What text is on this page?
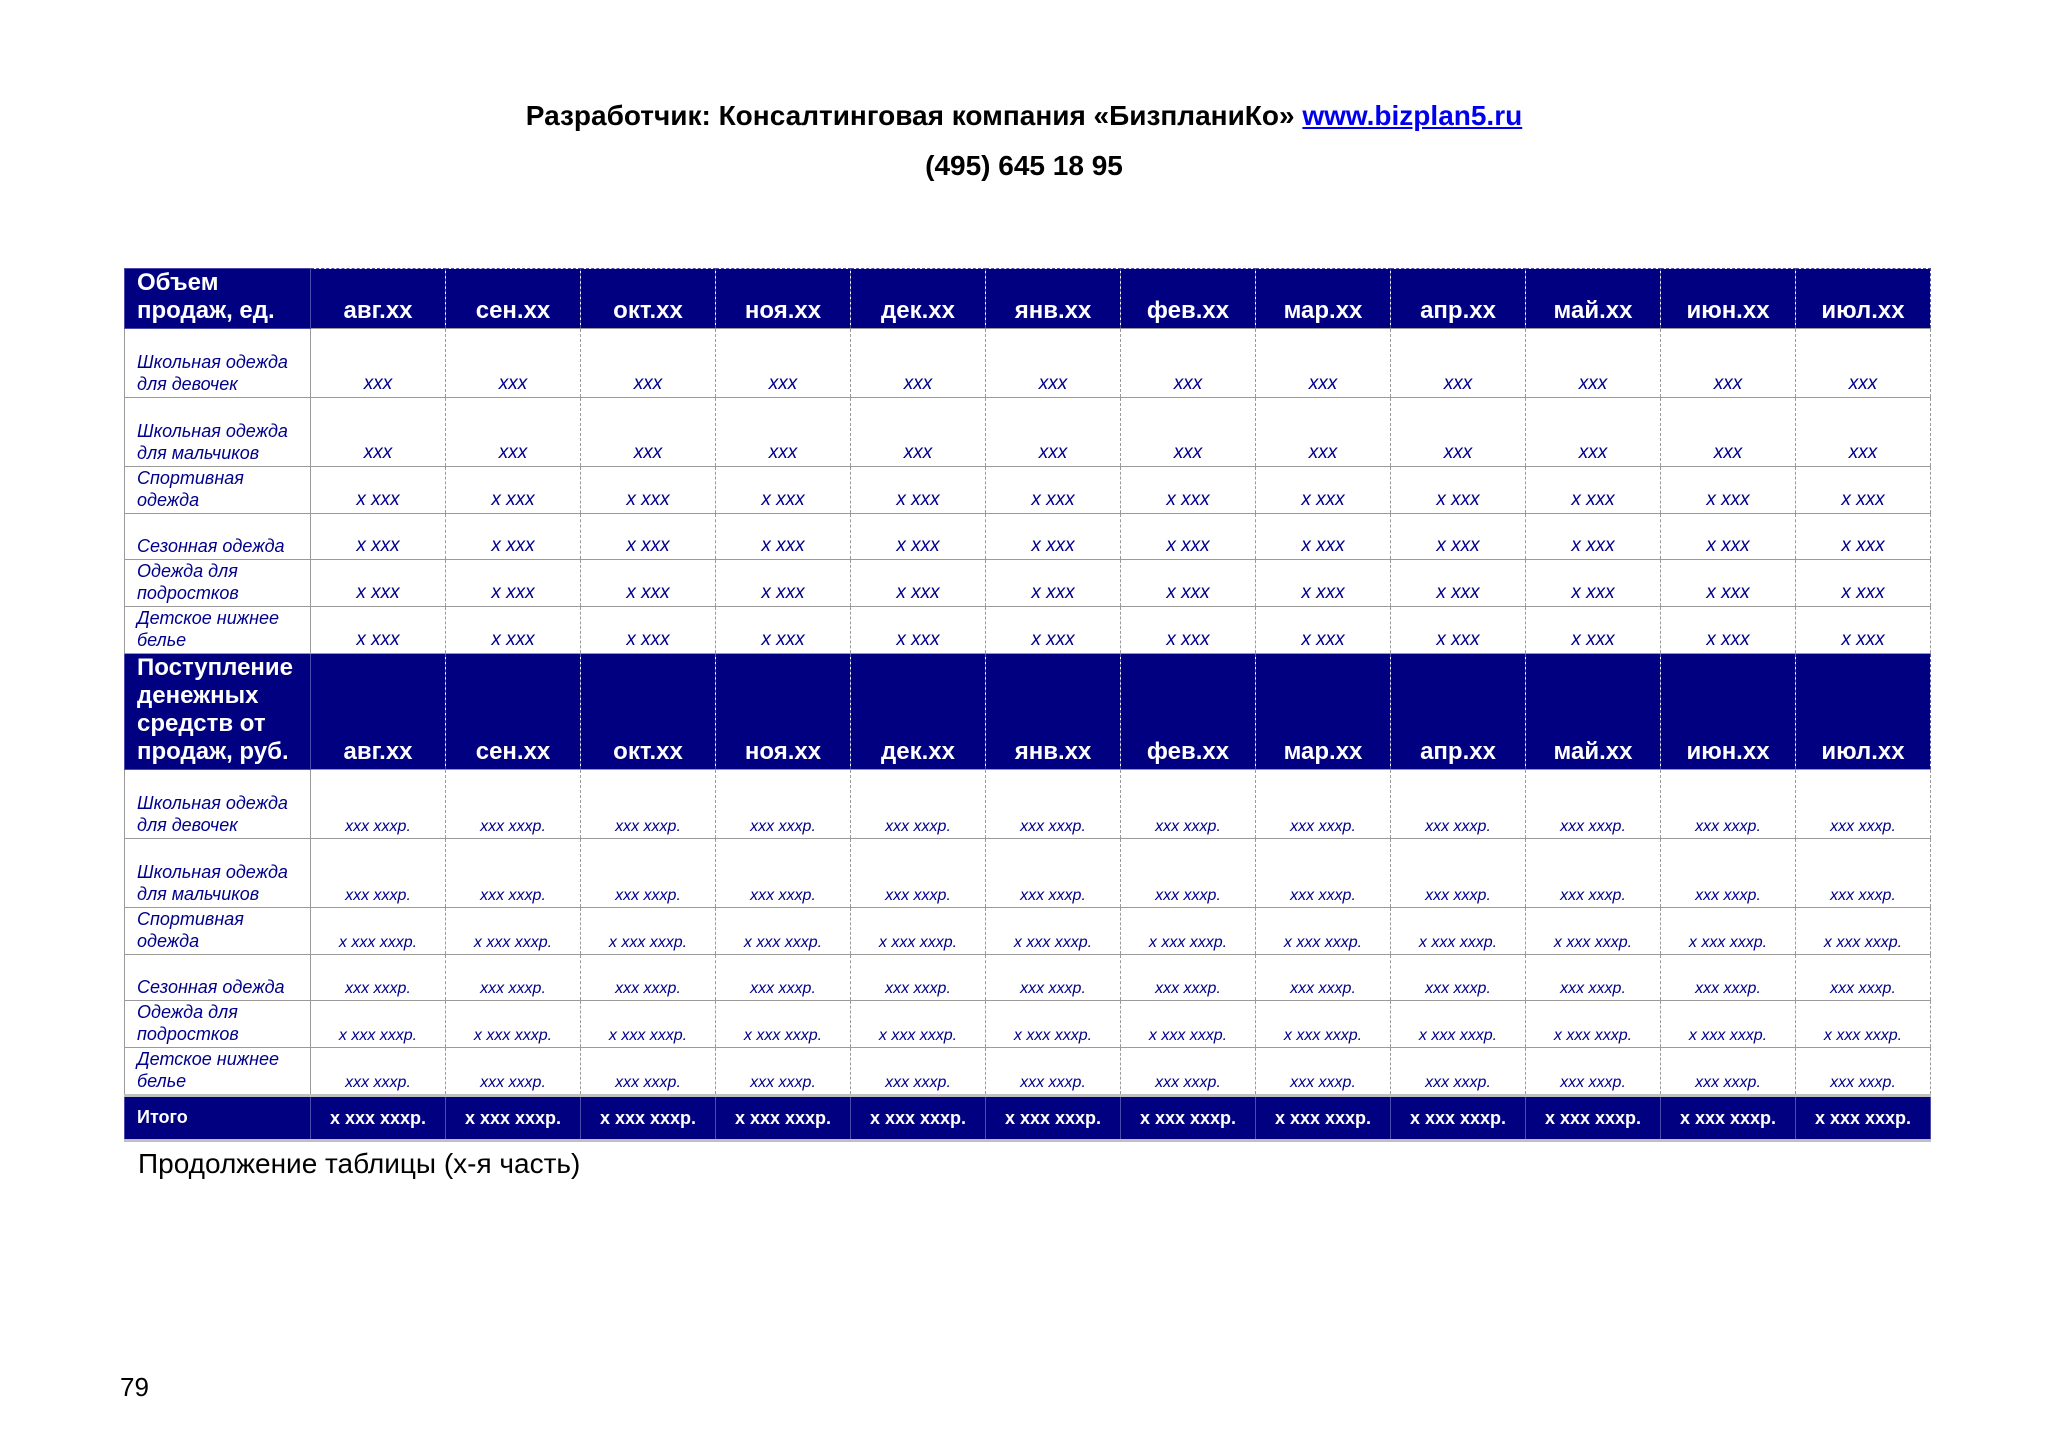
Разработчик: Консалтинговая компания «БизпланиКо» www.bizplan5.ru
(495) 645 18 95
Объем продаж, ед.	авг.xx	сен.xx	окт.xx	ноя.xx	дек.xx	янв.xx	фев.xx	мар.xx	апр.xx	май.xx	июн.xx	июл.xx
Школьная одежда для девочек	xxx	xxx	xxx	xxx	xxx	xxx	xxx	xxx	xxx	xxx	xxx	xxx
Школьная одежда для мальчиков	xxx	xxx	xxx	xxx	xxx	xxx	xxx	xxx	xxx	xxx	xxx	xxx
Спортивная одежда	x xxx	x xxx	x xxx	x xxx	x xxx	x xxx	x xxx	x xxx	x xxx	x xxx	x xxx	x xxx
Сезонная одежда	x xxx	x xxx	x xxx	x xxx	x xxx	x xxx	x xxx	x xxx	x xxx	x xxx	x xxx	x xxx
Одежда для подростков	x xxx	x xxx	x xxx	x xxx	x xxx	x xxx	x xxx	x xxx	x xxx	x xxx	x xxx	x xxx
Детское нижнее белье	x xxx	x xxx	x xxx	x xxx	x xxx	x xxx	x xxx	x xxx	x xxx	x xxx	x xxx	x xxx
Поступление денежных средств от продаж, руб.	авг.xx	сен.xx	окт.xx	ноя.xx	дек.xx	янв.xx	фев.xx	мар.xx	апр.xx	май.xx	июн.xx	июл.xx
Школьная одежда для девочек	xxx xxxр.	xxx xxxр.	xxx xxxр.	xxx xxxр.	xxx xxxр.	xxx xxxр.	xxx xxxр.	xxx xxxр.	xxx xxxр.	xxx xxxр.	xxx xxxр.	xxx xxxр.
Школьная одежда для мальчиков	xxx xxxр.	xxx xxxр.	xxx xxxр.	xxx xxxр.	xxx xxxр.	xxx xxxр.	xxx xxxр.	xxx xxxр.	xxx xxxр.	xxx xxxр.	xxx xxxр.	xxx xxxр.
Спортивная одежда	x xxx xxxр.	x xxx xxxр.	x xxx xxxр.	x xxx xxxр.	x xxx xxxр.	x xxx xxxр.	x xxx xxxр.	x xxx xxxр.	x xxx xxxр.	x xxx xxxр.	x xxx xxxр.	x xxx xxxр.
Сезонная одежда	xxx xxxр.	xxx xxxр.	xxx xxxр.	xxx xxxр.	xxx xxxр.	xxx xxxр.	xxx xxxр.	xxx xxxр.	xxx xxxр.	xxx xxxр.	xxx xxxр.	xxx xxxр.
Одежда для подростков	x xxx xxxр.	x xxx xxxр.	x xxx xxxр.	x xxx xxxр.	x xxx xxxр.	x xxx xxxр.	x xxx xxxр.	x xxx xxxр.	x xxx xxxр.	x xxx xxxр.	x xxx xxxр.	x xxx xxxр.
Детское нижнее белье	xxx xxxр.	xxx xxxр.	xxx xxxр.	xxx xxxр.	xxx xxxр.	xxx xxxр.	xxx xxxр.	xxx xxxр.	xxx xxxр.	xxx xxxр.	xxx xxxр.	xxx xxxр.
Итого	x xxx xxxр.	x xxx xxxр.	x xxx xxxр.	x xxx xxxр.	x xxx xxxр.	x xxx xxxр.	x xxx xxxр.	x xxx xxxр.	x xxx xxxр.	x xxx xxxр.	x xxx xxxр.	x xxx xxxр.
Продолжение таблицы (х-я часть)
79
